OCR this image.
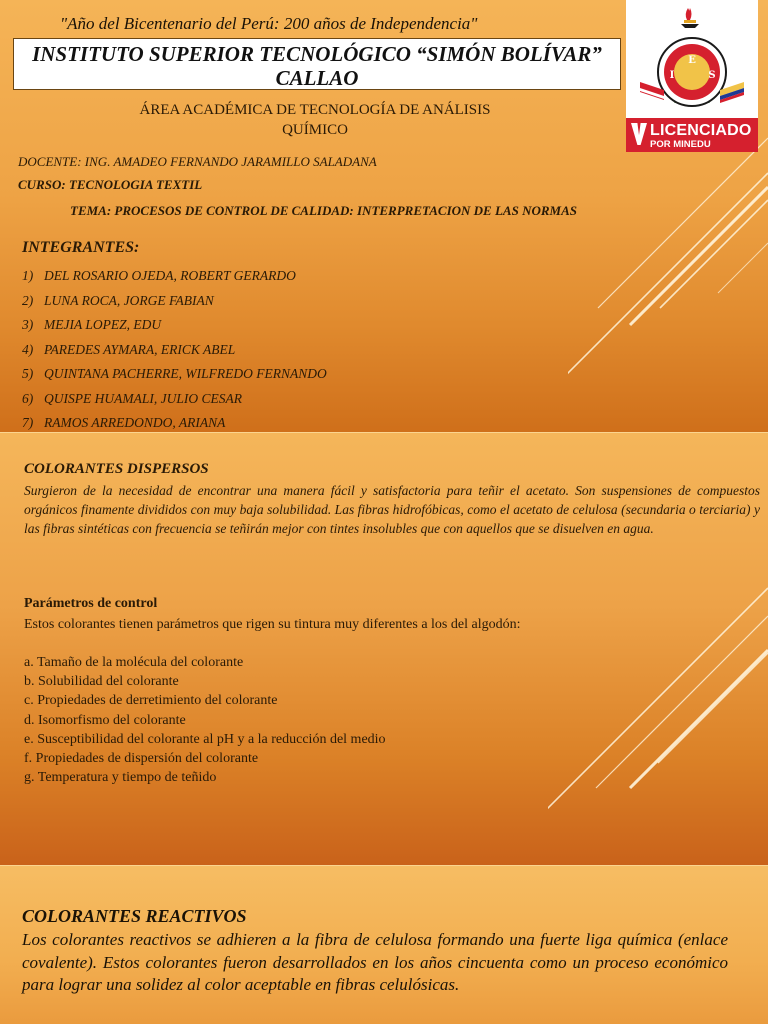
"Año del Bicentenario del Perú: 200 años de Independencia"
INSTITUTO SUPERIOR TECNOLÓGICO “SIMÓN BOLÍVAR”
CALLAO
ÁREA ACADÉMICA DE TECNOLOGÍA DE ANÁLISIS
QUÍMICO
DOCENTE: ING. AMADEO FERNANDO JARAMILLO SALADANA
CURSO: TECNOLOGIA TEXTIL
TEMA: PROCESOS DE CONTROL DE CALIDAD: INTERPRETACION DE LAS NORMAS
INTEGRANTES:
1) DEL ROSARIO OJEDA, ROBERT GERARDO
2) LUNA ROCA, JORGE FABIAN
3) MEJIA LOPEZ, EDU
4) PAREDES AYMARA, ERICK ABEL
5) QUINTANA PACHERRE, WILFREDO FERNANDO
6) QUISPE HUAMALI, JULIO CESAR
7) RAMOS ARREDONDO, ARIANA
E
I	S
LICENCIADO
POR MINEDU
COLORANTES DISPERSOS
Surgieron de la necesidad de encontrar una manera fácil y satisfactoria para teñir el acetato. Son suspensiones de compuestos orgánicos finamente divididos con muy baja solubilidad. Las fibras hidrofóbicas, como el acetato de celulosa (secundaria o terciaria) y las fibras sintéticas con frecuencia se teñirán mejor con tintes insolubles que con aquellos que se disuelven en agua.
Parámetros de control
Estos colorantes tienen parámetros que rigen su tintura muy diferentes a los del algodón:
a. Tamaño de la molécula del colorante
b. Solubilidad del colorante
c. Propiedades de derretimiento del colorante
d. Isomorfismo del colorante
e. Susceptibilidad del colorante al pH y a la reducción del medio
f. Propiedades de dispersión del colorante
g. Temperatura y tiempo de teñido
COLORANTES REACTIVOS
Los colorantes reactivos se adhieren a la fibra de celulosa formando una fuerte liga química (enlace covalente). Estos colorantes fueron desarrollados en los años cincuenta como un proceso económico para lograr una solidez al color aceptable en fibras celulósicas.
